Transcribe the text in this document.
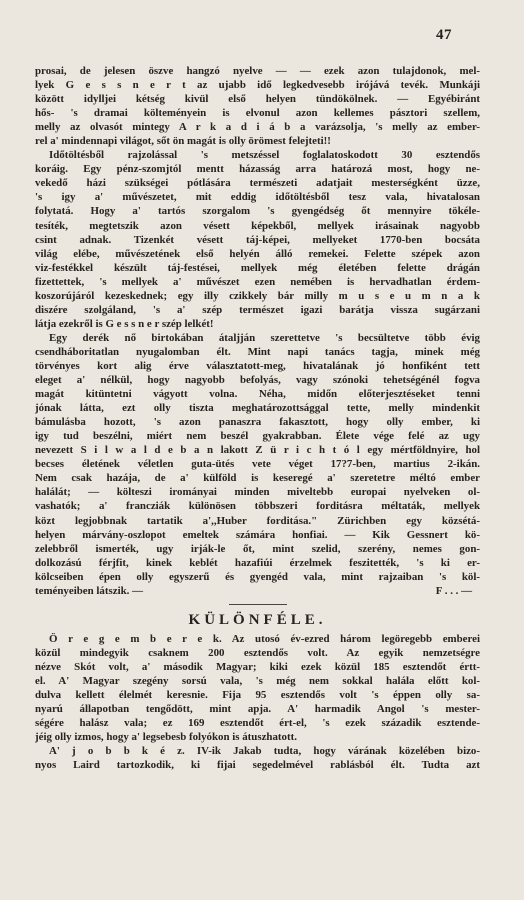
47
prosai, de jelesen öszve hangzó nyelve — — ezek azon tulajdonok, mel-
lyek G e s s n e r t az ujabb idő legkedvesebb irójává tevék. Munkáji
között idylljei kétség kivül első helyen tündökölnek. — Egyébiránt
hős- 's dramai költeményein is elvonul azon kellemes pásztori szellem,
melly az olvasót mintegy A r k a d i á b a varázsolja, 's melly az ember-
rel a' mindennapi világot, sőt ön magát is olly örömest felejteti!!
Időtöltésből rajzolással 's metszéssel foglalatoskodott 30 esztendős
koráig. Egy pénz-szomjtól mentt házasság arra határozá most, hogy ne-
vekedő házi szükségei pótlására természeti adatjait mesterségként üzze,
's igy a' művészetet, mit eddig időtöltésből tesz vala, hivatalosan
folytatá. Hogy a' tartós szorgalom 's gyengédség őt mennyire tökéle-
tesíték, megtetszik azon vésett képekből, mellyek irásainak nagyobb
csint adnak. Tizenkét vésett táj-képei, mellyeket 1770-ben bocsáta
világ elébe, művészetének első helyén álló remekei. Felette szépek azon
viz-festékkel készült táj-festései, mellyek még életében felette drágán
fizettettek, 's mellyek a' művészet ezen nemében is hervadhatlan érdem-
koszorújáról kezeskednek; egy illy czikkely bár milly m u s e u m n a k
diszére szolgáland, 's a' szép természet igazi barátja vissza sugárzani
látja ezekről is G e s s n e r szép lelkét!
Egy derék nő birtokában átaljján szerettetve 's becsültetve több évig
csendháboritatlan nyugalomban élt. Mint napi tanács tagja, minek még
törvényes kort alig érve választatott-meg, hivatalának jó honfiként tett
eleget a' nélkül, hogy nagyobb befolyás, vagy szónoki tehetségénél fogva
magát kitüntetni vágyott volna. Néha, midőn előterjesztéseket tenni
jónak látta, ezt olly tiszta meghatározottsággal tette, melly mindenkit
bámulásba hozott, 's azon panaszra fakasztott, hogy olly ember, ki
igy tud beszélni, miért nem beszél gyakrabban. Élete vége felé az ugy
nevezett S i l w a l d e b a n lakott Z ü r i c h t ó l egy mértföldnyire, hol
becses életének véletlen guta-ütés vete véget 17?7-ben, martius 2-ikán.
Nem csak hazája, de a' külföld is keseregé a' szeretetre méltó ember
halálát; — költeszi irományai minden miveltebb europai nyelveken ol-
vashatók; a' francziák különösen többszeri forditásra méltaták, mellyek
közt legjobbnak tartatik a',,Huber forditása." Zürichben egy közsétá-
helyen márvány-oszlopot emeltek számára honfiai. — Kik Gessnert kö-
zelebbről ismerték, ugy irják-le őt, mint szelid, szerény, nemes gon-
dolkozású férjfit, kinek keblét hazafiúi érzelmek feszitették, 's ki er-
kölcseiben épen olly egyszerű és gyengéd vala, mint rajzaiban 's köl-
teményeiben látszik. —	F . . . —
KÜLÖNFÉLE.
Ö r e g e m b e r e k. Az utosó év-ezred három legöregebb emberei
közül mindegyik csaknem 200 esztendős volt. Az egyik nemzetségre
nézve Skót volt, a' második Magyar; kiki ezek közül 185 esztendőt értt-
el. A' Magyar szegény sorsú vala, 's még nem sokkal halála előtt kol-
dulva kellett élelmét keresnie. Fija 95 esztendős volt 's éppen olly sa-
nyarú állapotban tengődött, mint apja. A' harmadik Angol 's mester-
ségére halász vala; ez 169 esztendőt ért-el, 's ezek századik esztende-
jéig olly izmos, hogy a' legsebesb folyókon is átuszhatott.
A' j o b b k é z. IV-ik Jakab tudta, hogy várának közelében bizo-
nyos Laird tartozkodik, ki fijai segedelmével rablásból élt. Tudta azt
